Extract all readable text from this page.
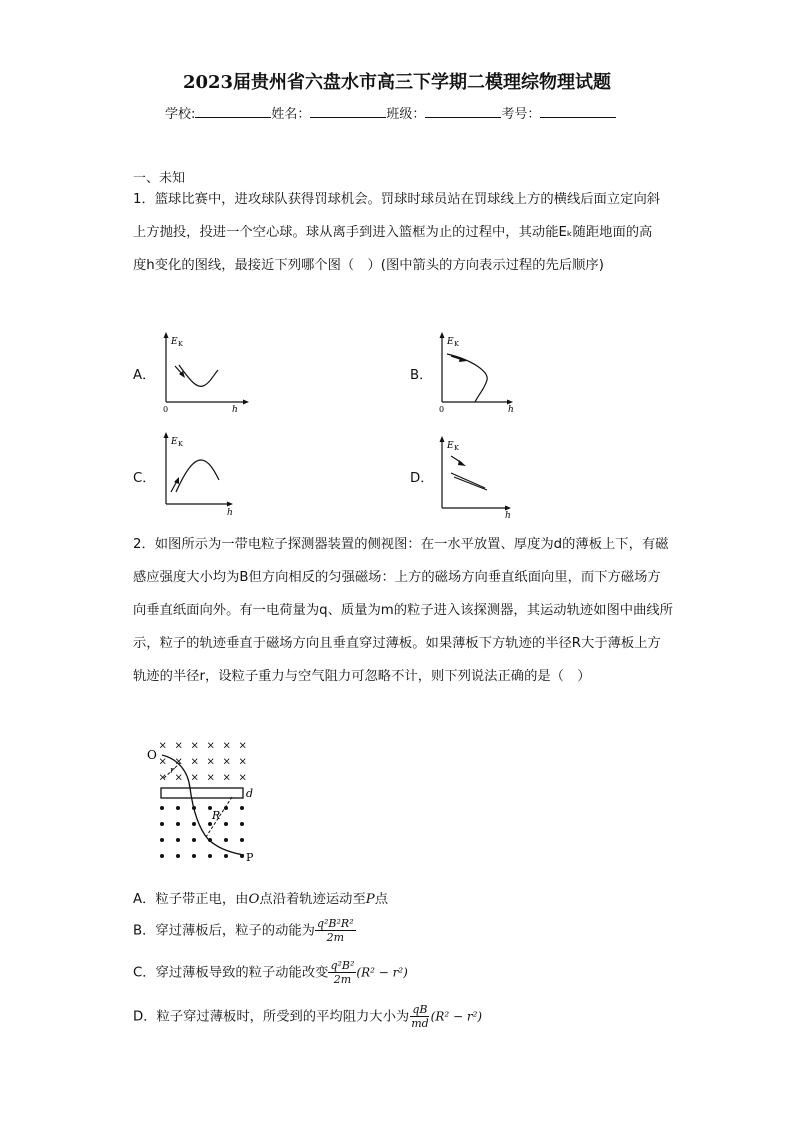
2023届贵州省六盘水市高三下学期二模理综物理试题
学校:	姓名：	班级：	考号：
一、未知
1．篮球比赛中，进攻球队获得罚球机会。罚球时球员站在罚球线上方的横线后面立定向斜上方抛投，投进一个空心球。球从离手到进入篮框为止的过程中，其动能Eₖ随距地面的高度h变化的图线，最接近下列哪个图（　）(图中箭头的方向表示过程的先后顺序)
A．
E K
0	h
B．
E K
0	h
C．
E K
h
D．
E K
h
2．如图所示为一带电粒子探测器装置的侧视图：在一水平放置、厚度为d的薄板上下，有磁感应强度大小均为B但方向相反的匀强磁场：上方的磁场方向垂直纸面向里，而下方磁场方向垂直纸面向外。有一电荷量为q、质量为m的粒子进入该探测器，其运动轨迹如图中曲线所示，粒子的轨迹垂直于磁场方向且垂直穿过薄板。如果薄板下方轨迹的半径R大于薄板上方轨迹的半径r，设粒子重力与空气阻力可忽略不计，则下列说法正确的是（　）
× × × × × ×
× × × × × ×
× × × × × ×
O
P
d
R
r
A．粒子带正电，由O点沿着轨迹运动至P点
B．穿过薄板后，粒子的动能为 $\frac{\text{q²B²R²}}{2m}$
C．穿过薄板导致的粒子动能改变 $\frac{\text{q²B²}}{2m} (R^2 - r^2)$
D．粒子穿过薄板时，所受到的平均阻力大小为 $\frac{qB}{md} (R^2 - r^2)$
